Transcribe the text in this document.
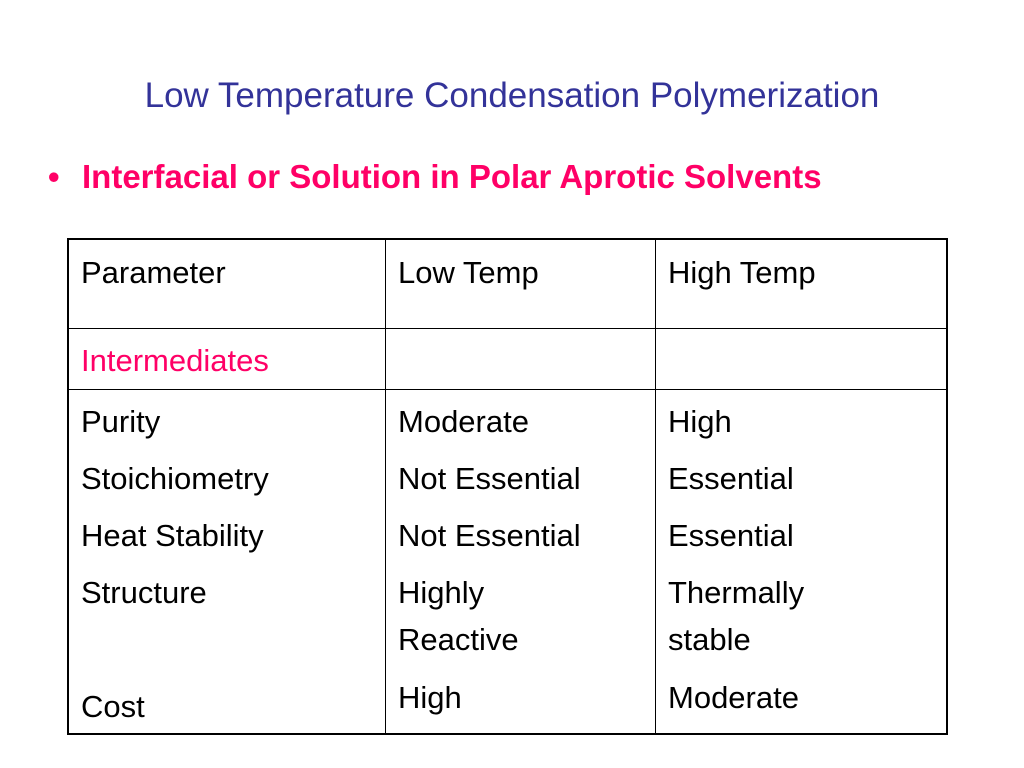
Low Temperature Condensation Polymerization
• Interfacial or Solution in Polar Aprotic Solvents
Parameter	Low Temp	High Temp
Intermediates
Purity
Stoichiometry
Heat Stability
Structure
Cost
Moderate
Not Essential
Not Essential
Highly
Reactive
High
High
Essential
Essential
Thermally
stable
Moderate
